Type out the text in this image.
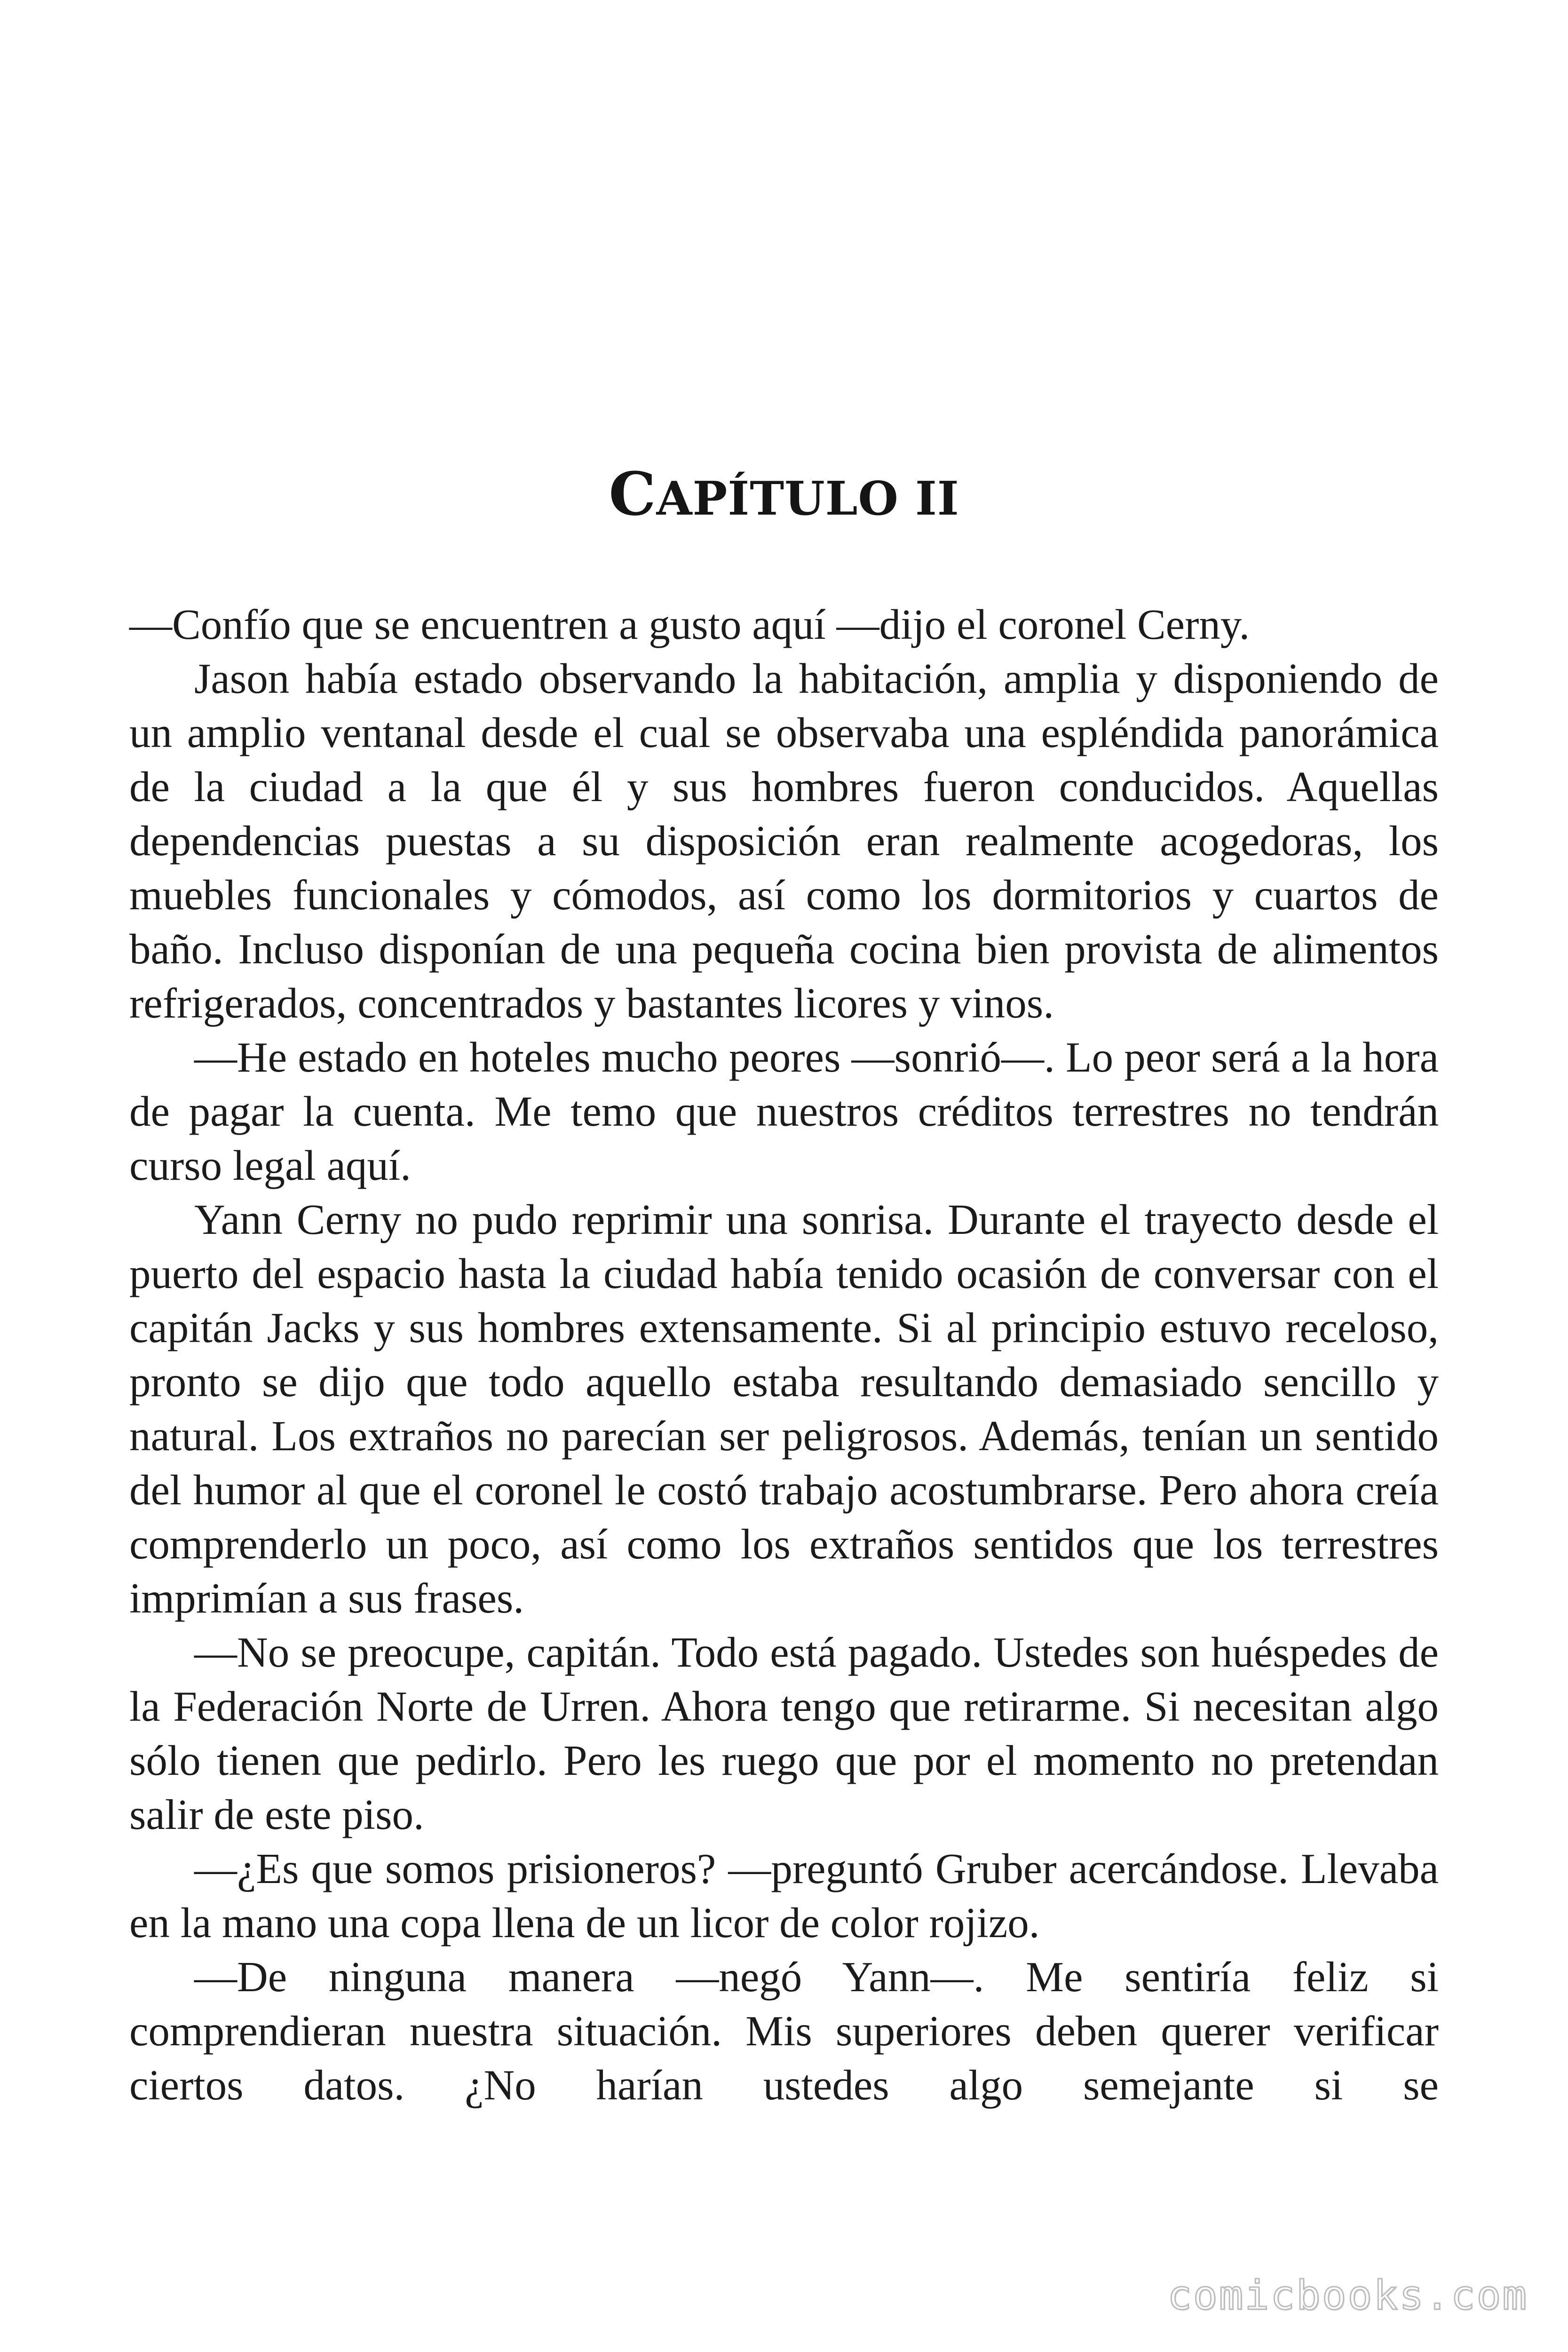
CAPÍTULO II

—Confío que se encuentren a gusto aquí —dijo el coronel Cerny.

Jason había estado observando la habitación, amplia y disponiendo de un amplio ventanal desde el cual se observaba una espléndida panorámica de la ciudad a la que él y sus hombres fueron conducidos. Aquellas dependencias puestas a su disposición eran realmente acogedoras, los muebles funcionales y cómodos, así como los dormitorios y cuartos de baño. Incluso disponían de una pequeña cocina bien provista de alimentos refrigerados, concentrados y bastantes licores y vinos.

—He estado en hoteles mucho peores —sonrió—. Lo peor será a la hora de pagar la cuenta. Me temo que nuestros créditos terrestres no tendrán curso legal aquí.

Yann Cerny no pudo reprimir una sonrisa. Durante el trayecto desde el puerto del espacio hasta la ciudad había tenido ocasión de conversar con el capitán Jacks y sus hombres extensamente. Si al principio estuvo receloso, pronto se dijo que todo aquello estaba resultando demasiado sencillo y natural. Los extraños no parecían ser peligrosos. Además, tenían un sentido del humor al que el coronel le costó trabajo acostumbrarse. Pero ahora creía comprenderlo un poco, así como los extraños sentidos que los terrestres imprimían a sus frases.

—No se preocupe, capitán. Todo está pagado. Ustedes son huéspedes de la Federación Norte de Urren. Ahora tengo que retirarme. Si necesitan algo sólo tienen que pedirlo. Pero les ruego que por el momento no pretendan salir de este piso.

—¿Es que somos prisioneros? —preguntó Gruber acercándose. Llevaba en la mano una copa llena de un licor de color rojizo.

—De ninguna manera —negó Yann—. Me sentiría feliz si comprendieran nuestra situación. Mis superiores deben querer verificar ciertos datos. ¿No harían ustedes algo semejante si se

comicbooks.com
